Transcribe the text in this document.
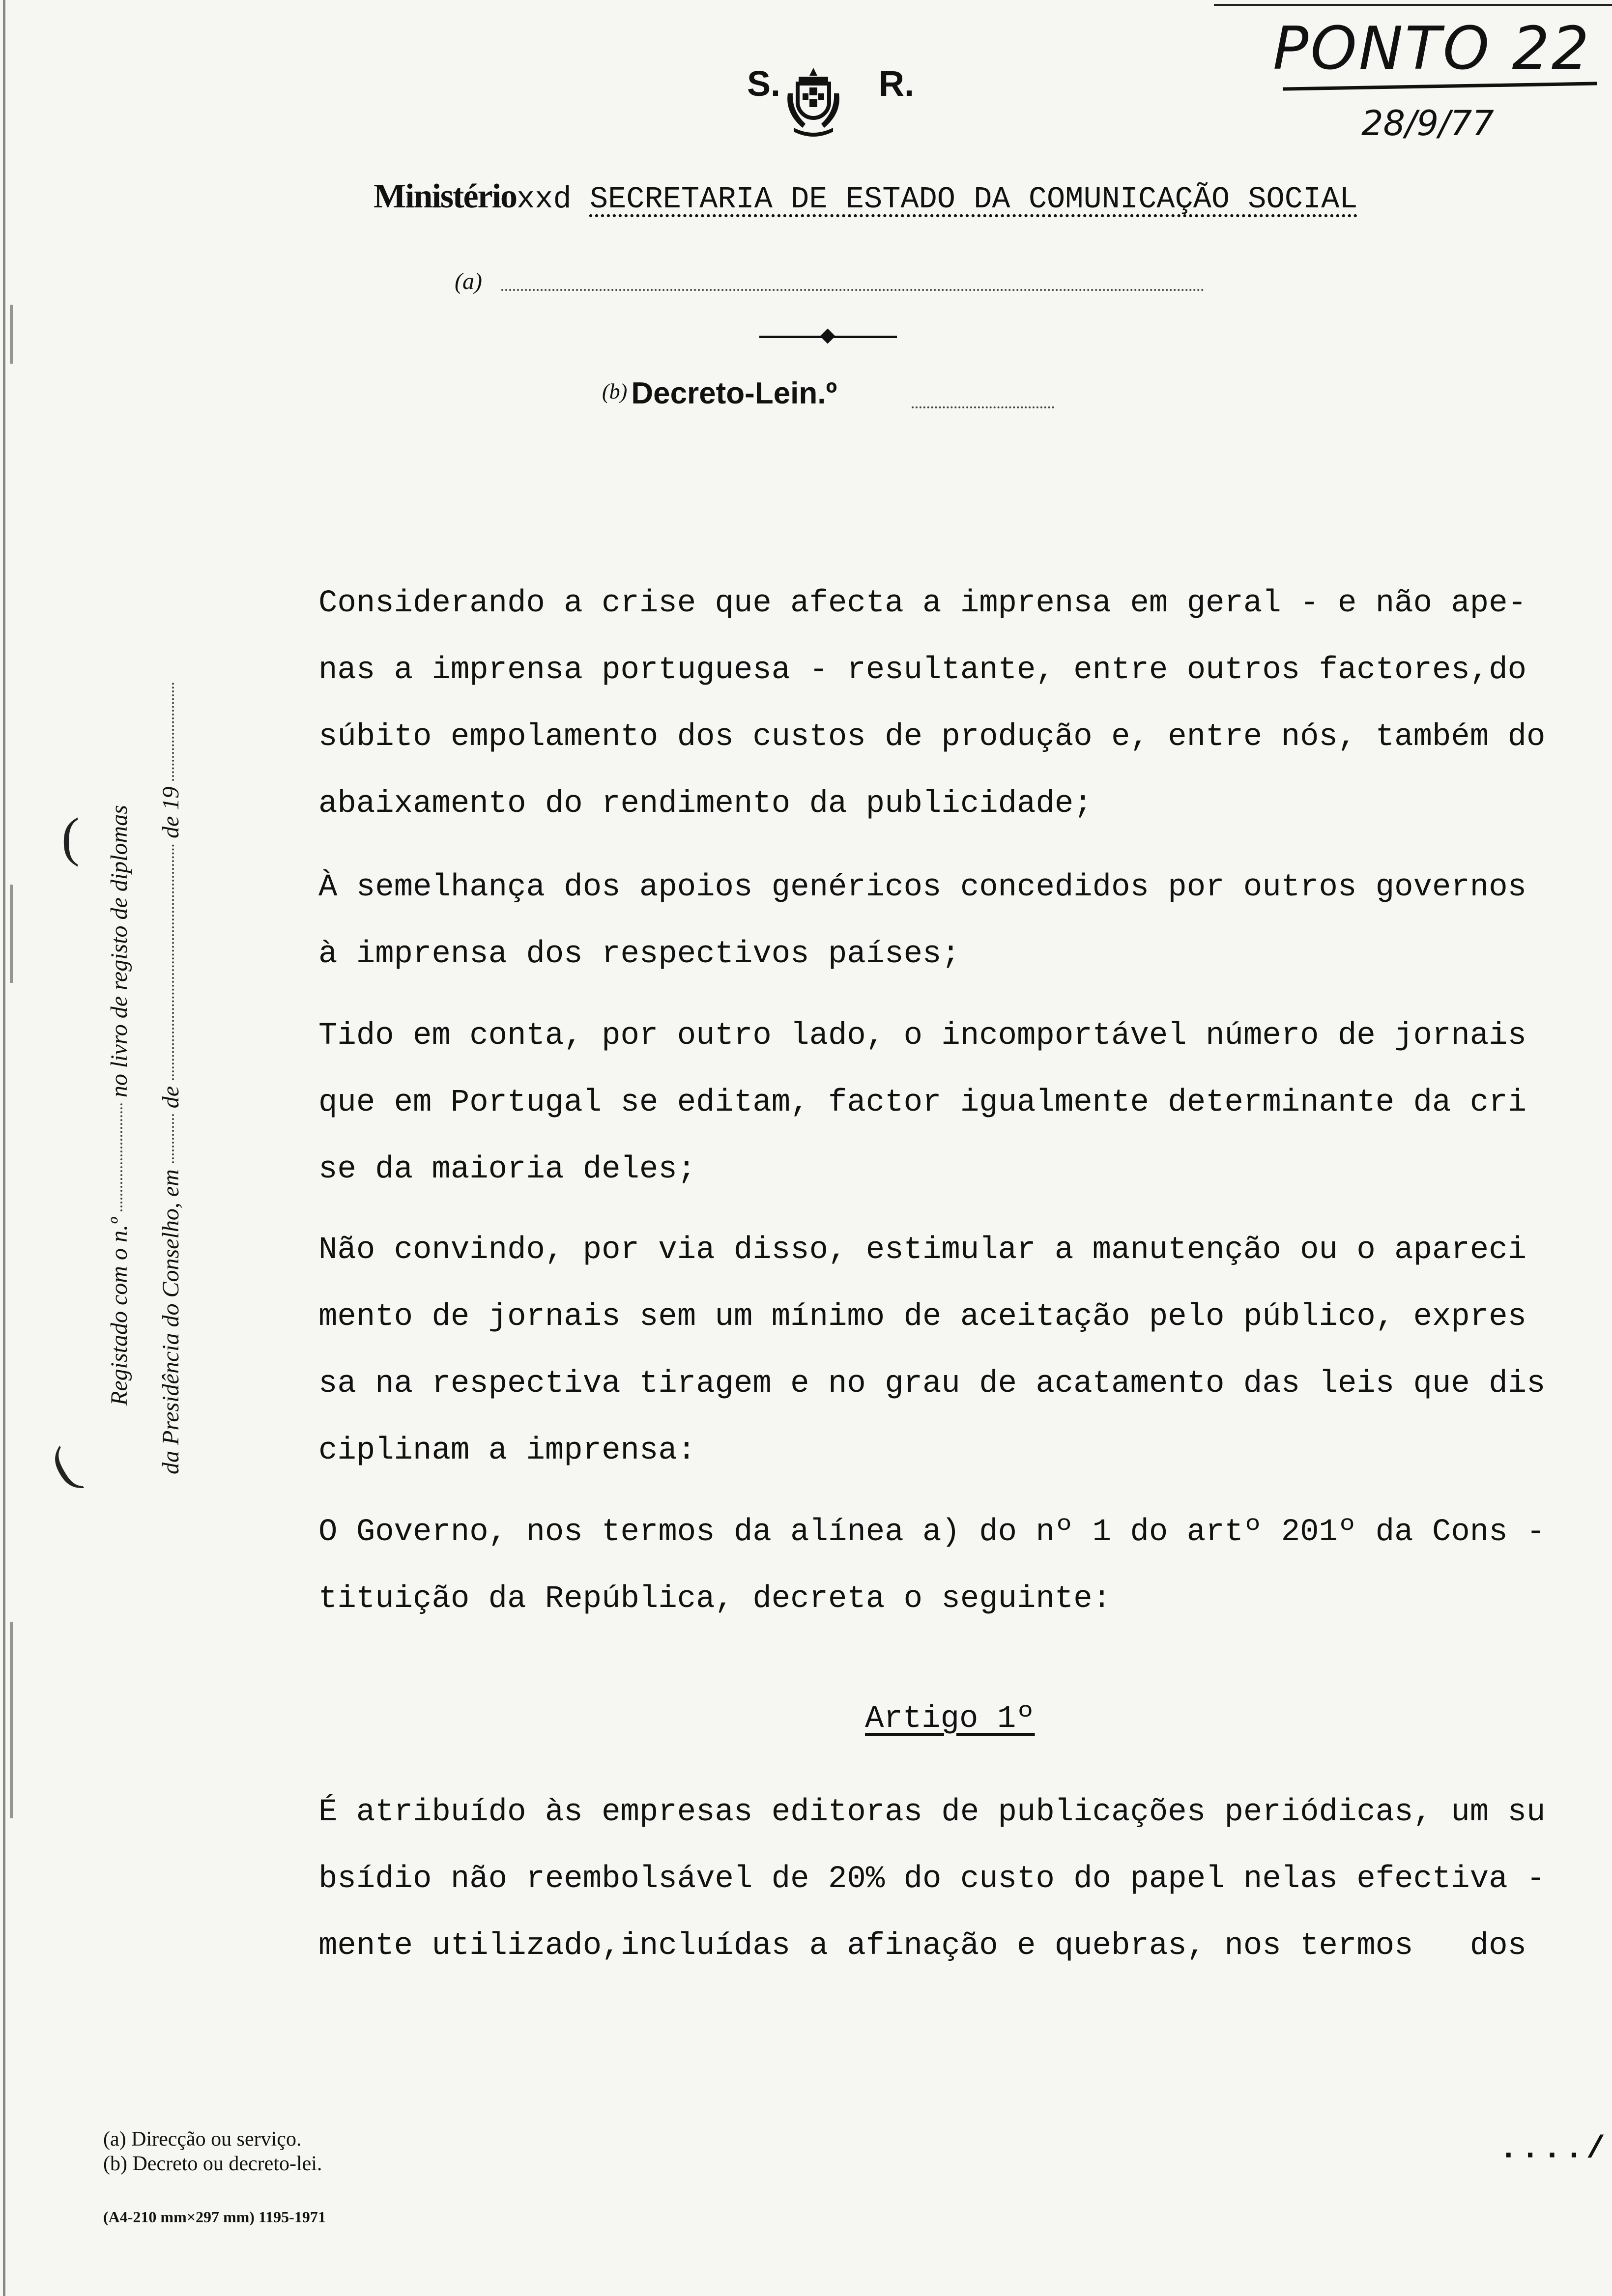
PONTO 22
28/9/77
S.	R.
Ministérioxxd SECRETARIA DE ESTADO DA COMUNICAÇÃO SOCIAL
(a)
(b) Decreto-Lein.º
Registado com o n.º  no livro de registo de diplomas
da Presidência do Conselho, em  de  de 19
(
(
Considerando a crise que afecta a imprensa em geral - e não ape-
nas a imprensa portuguesa - resultante, entre outros factores,do
súbito empolamento dos custos de produção e, entre nós, também do
abaixamento do rendimento da publicidade;
À semelhança dos apoios genéricos concedidos por outros governos
à imprensa dos respectivos países;
Tido em conta, por outro lado, o incomportável número de jornais
que em Portugal se editam, factor igualmente determinante da cri
se da maioria deles;
Não convindo, por via disso, estimular a manutenção ou o apareci
mento de jornais sem um mínimo de aceitação pelo público, expres
sa na respectiva tiragem e no grau de acatamento das leis que dis
ciplinam a imprensa:
O Governo, nos termos da alínea a) do nº 1 do artº 201º da Cons -
tituição da República, decreta o seguinte:
Artigo 1º
É atribuído às empresas editoras de publicações periódicas, um su
bsídio não reembolsável de 20% do custo do papel nelas efectiva -
mente utilizado,incluídas a afinação e quebras, nos termos   dos
(a) Direcção ou serviço.
(b) Decreto ou decreto-lei.
(A4-210 mm×297 mm) 1195-1971
..../
